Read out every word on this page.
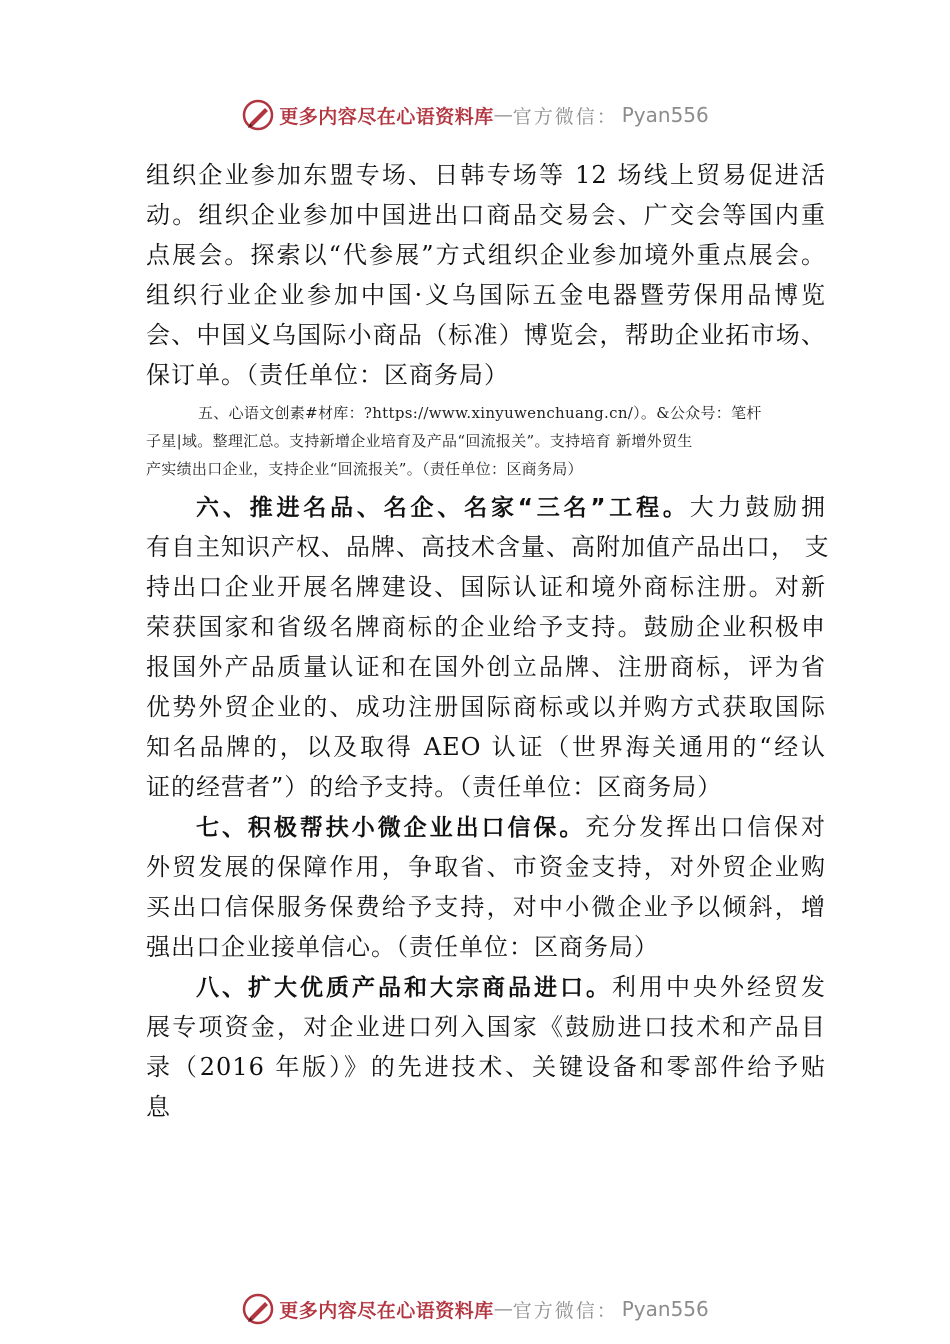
更多内容尽在心语资料库 — 官方微信： Pyan556
组织企业参加东盟专场、日韩专场等 12 场线上贸易促进活
动。组织企业参加中国进出口商品交易会、广交会等国内重
点展会。探索以“代参展”方式组织企业参加境外重点展会。
组织行业企业参加中国·义乌国际五金电器暨劳保用品博览
会、中国义乌国际小商品（标准）博览会，帮助企业拓市场、
保订单。（责任单位：区商务局）
五、心语文创素#材库：?https://www.xinyuwenchuang.cn/）。&公众号：笔杆
子星|域。整理汇总。支持新增企业培育及产品“回流报关”。支持培育 新增外贸生
产实绩出口企业，支持企业“回流报关”。（责任单位：区商务局）
六、推进名品、名企、名家“三名”工程。大力鼓励拥
有自主知识产权、品牌、高技术含量、高附加值产品出口， 支
持出口企业开展名牌建设、国际认证和境外商标注册。对新
荣获国家和省级名牌商标的企业给予支持。鼓励企业积极申
报国外产品质量认证和在国外创立品牌、注册商标，评为省
优势外贸企业的、成功注册国际商标或以并购方式获取国际
知名品牌的，以及取得 AEO 认证（世界海关通用的“经认
证的经营者”）的给予支持。（责任单位：区商务局）
七、积极帮扶小微企业出口信保。充分发挥出口信保对
外贸发展的保障作用，争取省、市资金支持，对外贸企业购
买出口信保服务保费给予支持，对中小微企业予以倾斜，增
强出口企业接单信心。（责任单位：区商务局）
八、扩大优质产品和大宗商品进口。利用中央外经贸发
展专项资金，对企业进口列入国家《鼓励进口技术和产品目
录（2016 年版）》的先进技术、关键设备和零部件给予贴
息
更多内容尽在心语资料库 — 官方微信： Pyan556
